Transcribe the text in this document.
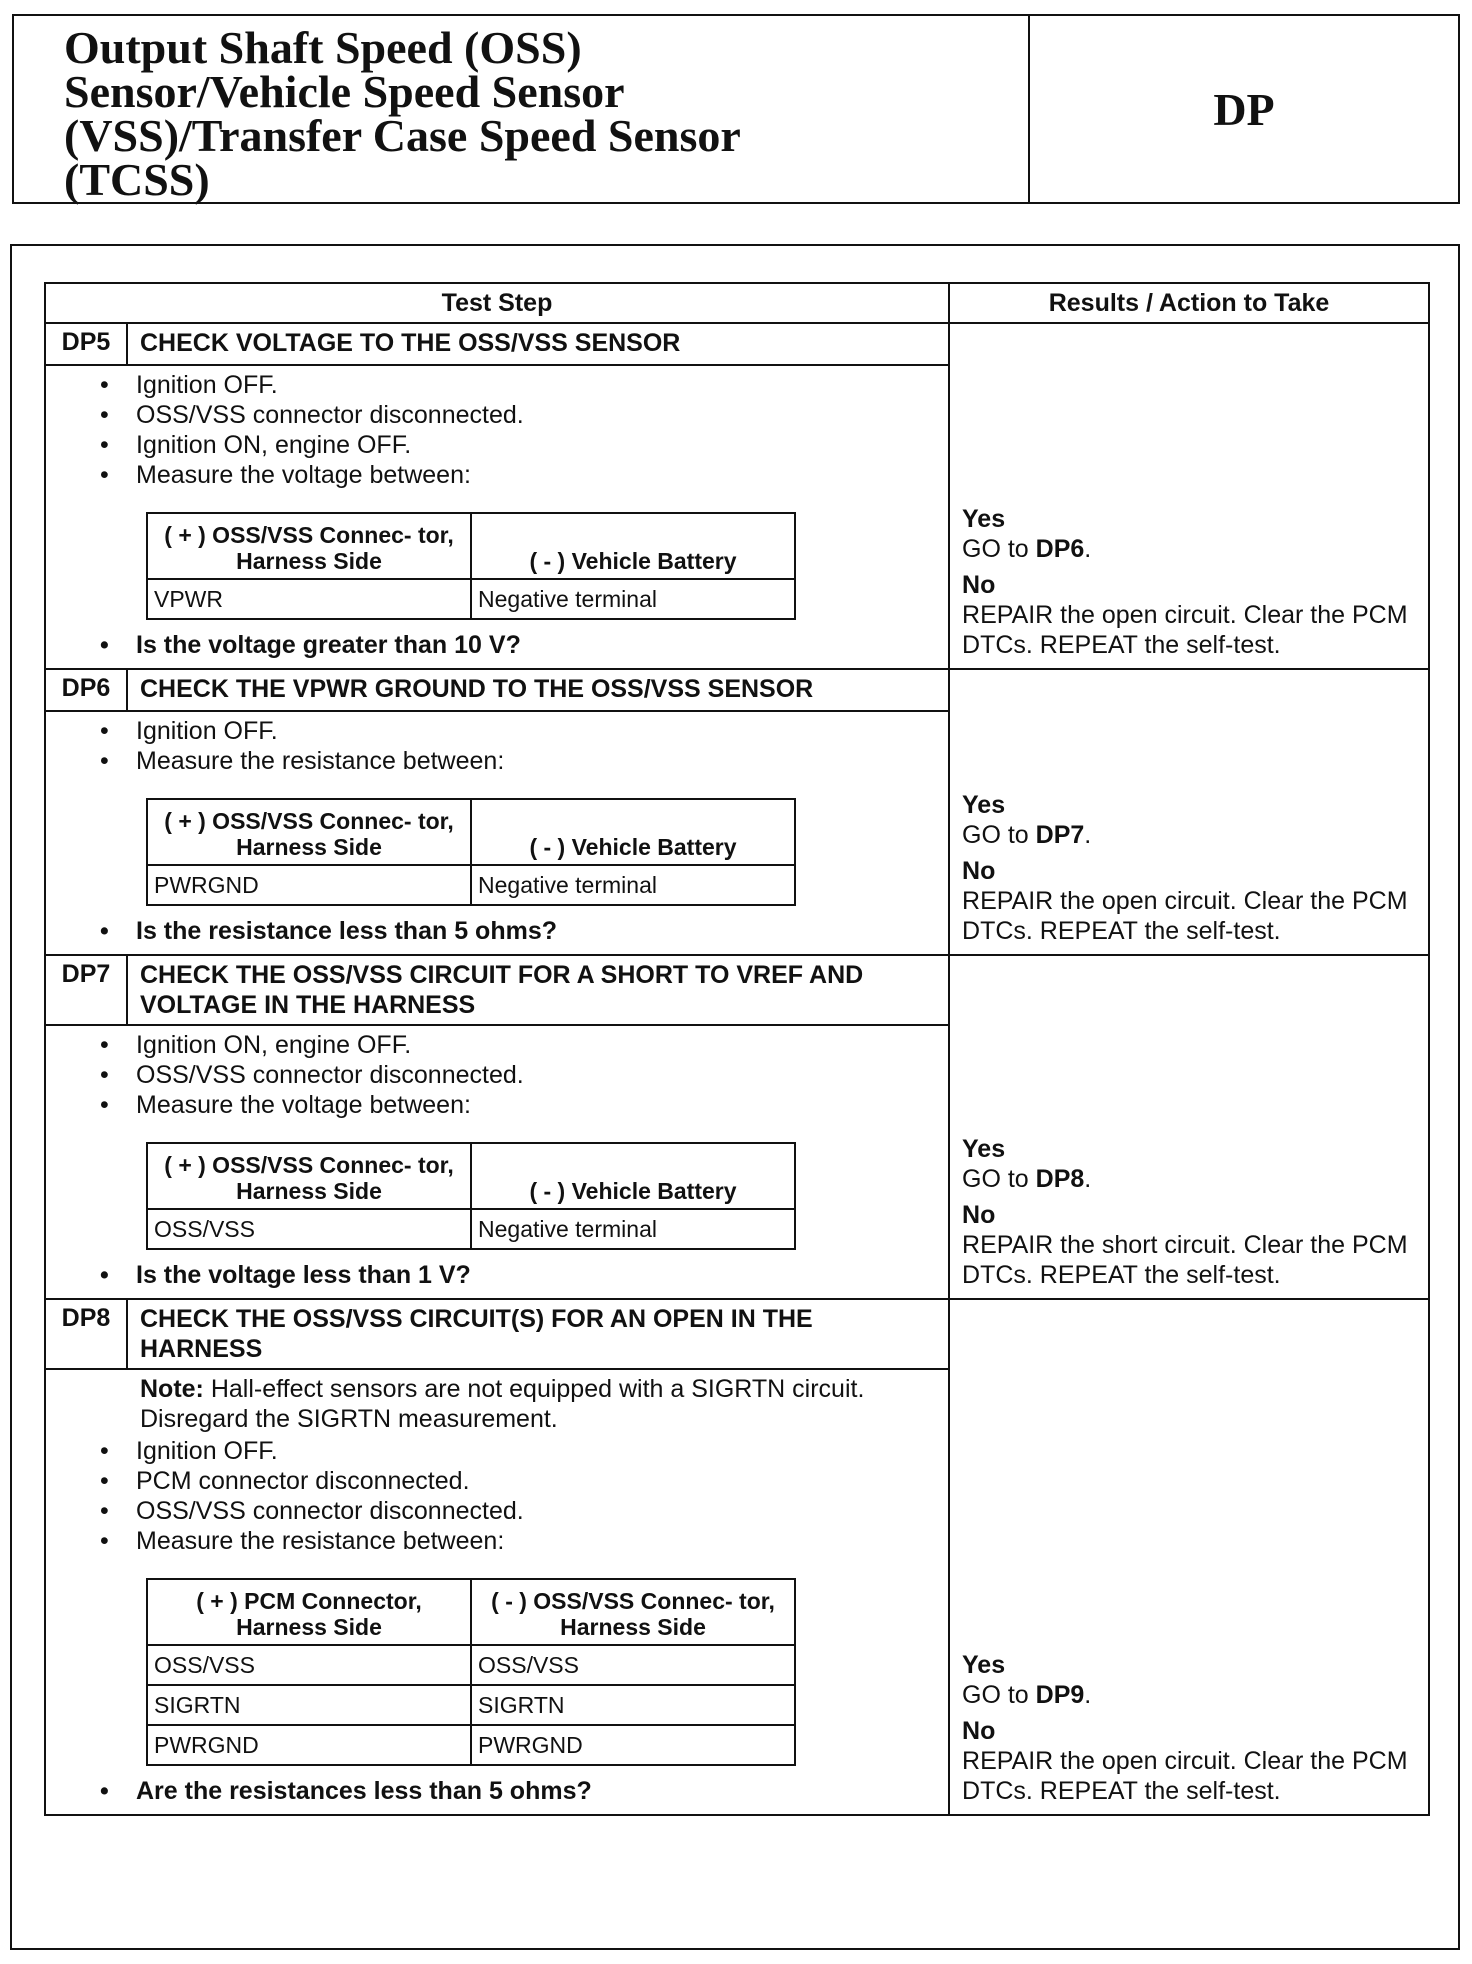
Output Shaft Speed (OSS)
Sensor/Vehicle Speed Sensor
(VSS)/Transfer Case Speed Sensor
(TCSS)
DP
Test Step	Results / Action to Take
DP5	CHECK VOLTAGE TO THE OSS/VSS SENSOR	
Yes
GO to DP6.
No
REPAIR the open circuit. Clear the PCM DTCs. REPEAT the self-test.

• Ignition OFF.
• OSS/VSS connector disconnected.
• Ignition ON, engine OFF.
• Measure the voltage between:
( + ) OSS/VSS Connec- tor, Harness Side	( - ) Vehicle Battery
VPWR	Negative terminal
• Is the voltage greater than 10 V?

DP6	CHECK THE VPWR GROUND TO THE OSS/VSS SENSOR	
Yes
GO to DP7.
No
REPAIR the open circuit. Clear the PCM DTCs. REPEAT the self-test.

• Ignition OFF.
• Measure the resistance between:
( + ) OSS/VSS Connec- tor, Harness Side	( - ) Vehicle Battery
PWRGND	Negative terminal
• Is the resistance less than 5 ohms?

DP7	CHECK THE OSS/VSS CIRCUIT FOR A SHORT TO VREF AND VOLTAGE IN THE HARNESS	
Yes
GO to DP8.
No
REPAIR the short circuit. Clear the PCM DTCs. REPEAT the self-test.

• Ignition ON, engine OFF.
• OSS/VSS connector disconnected.
• Measure the voltage between:
( + ) OSS/VSS Connec- tor, Harness Side	( - ) Vehicle Battery
OSS/VSS	Negative terminal
• Is the voltage less than 1 V?

DP8	CHECK THE OSS/VSS CIRCUIT(S) FOR AN OPEN IN THE HARNESS	
Yes
GO to DP9.
No
REPAIR the open circuit. Clear the PCM DTCs. REPEAT the self-test.

Note: Hall-effect sensors are not equipped with a SIGRTN circuit. Disregard the SIGRTN measurement.
• Ignition OFF.
• PCM connector disconnected.
• OSS/VSS connector disconnected.
• Measure the resistance between:
( + ) PCM Connector, Harness Side	( - ) OSS/VSS Connec- tor, Harness Side
OSS/VSS	OSS/VSS
SIGRTN	SIGRTN
PWRGND	PWRGND
• Are the resistances less than 5 ohms?
